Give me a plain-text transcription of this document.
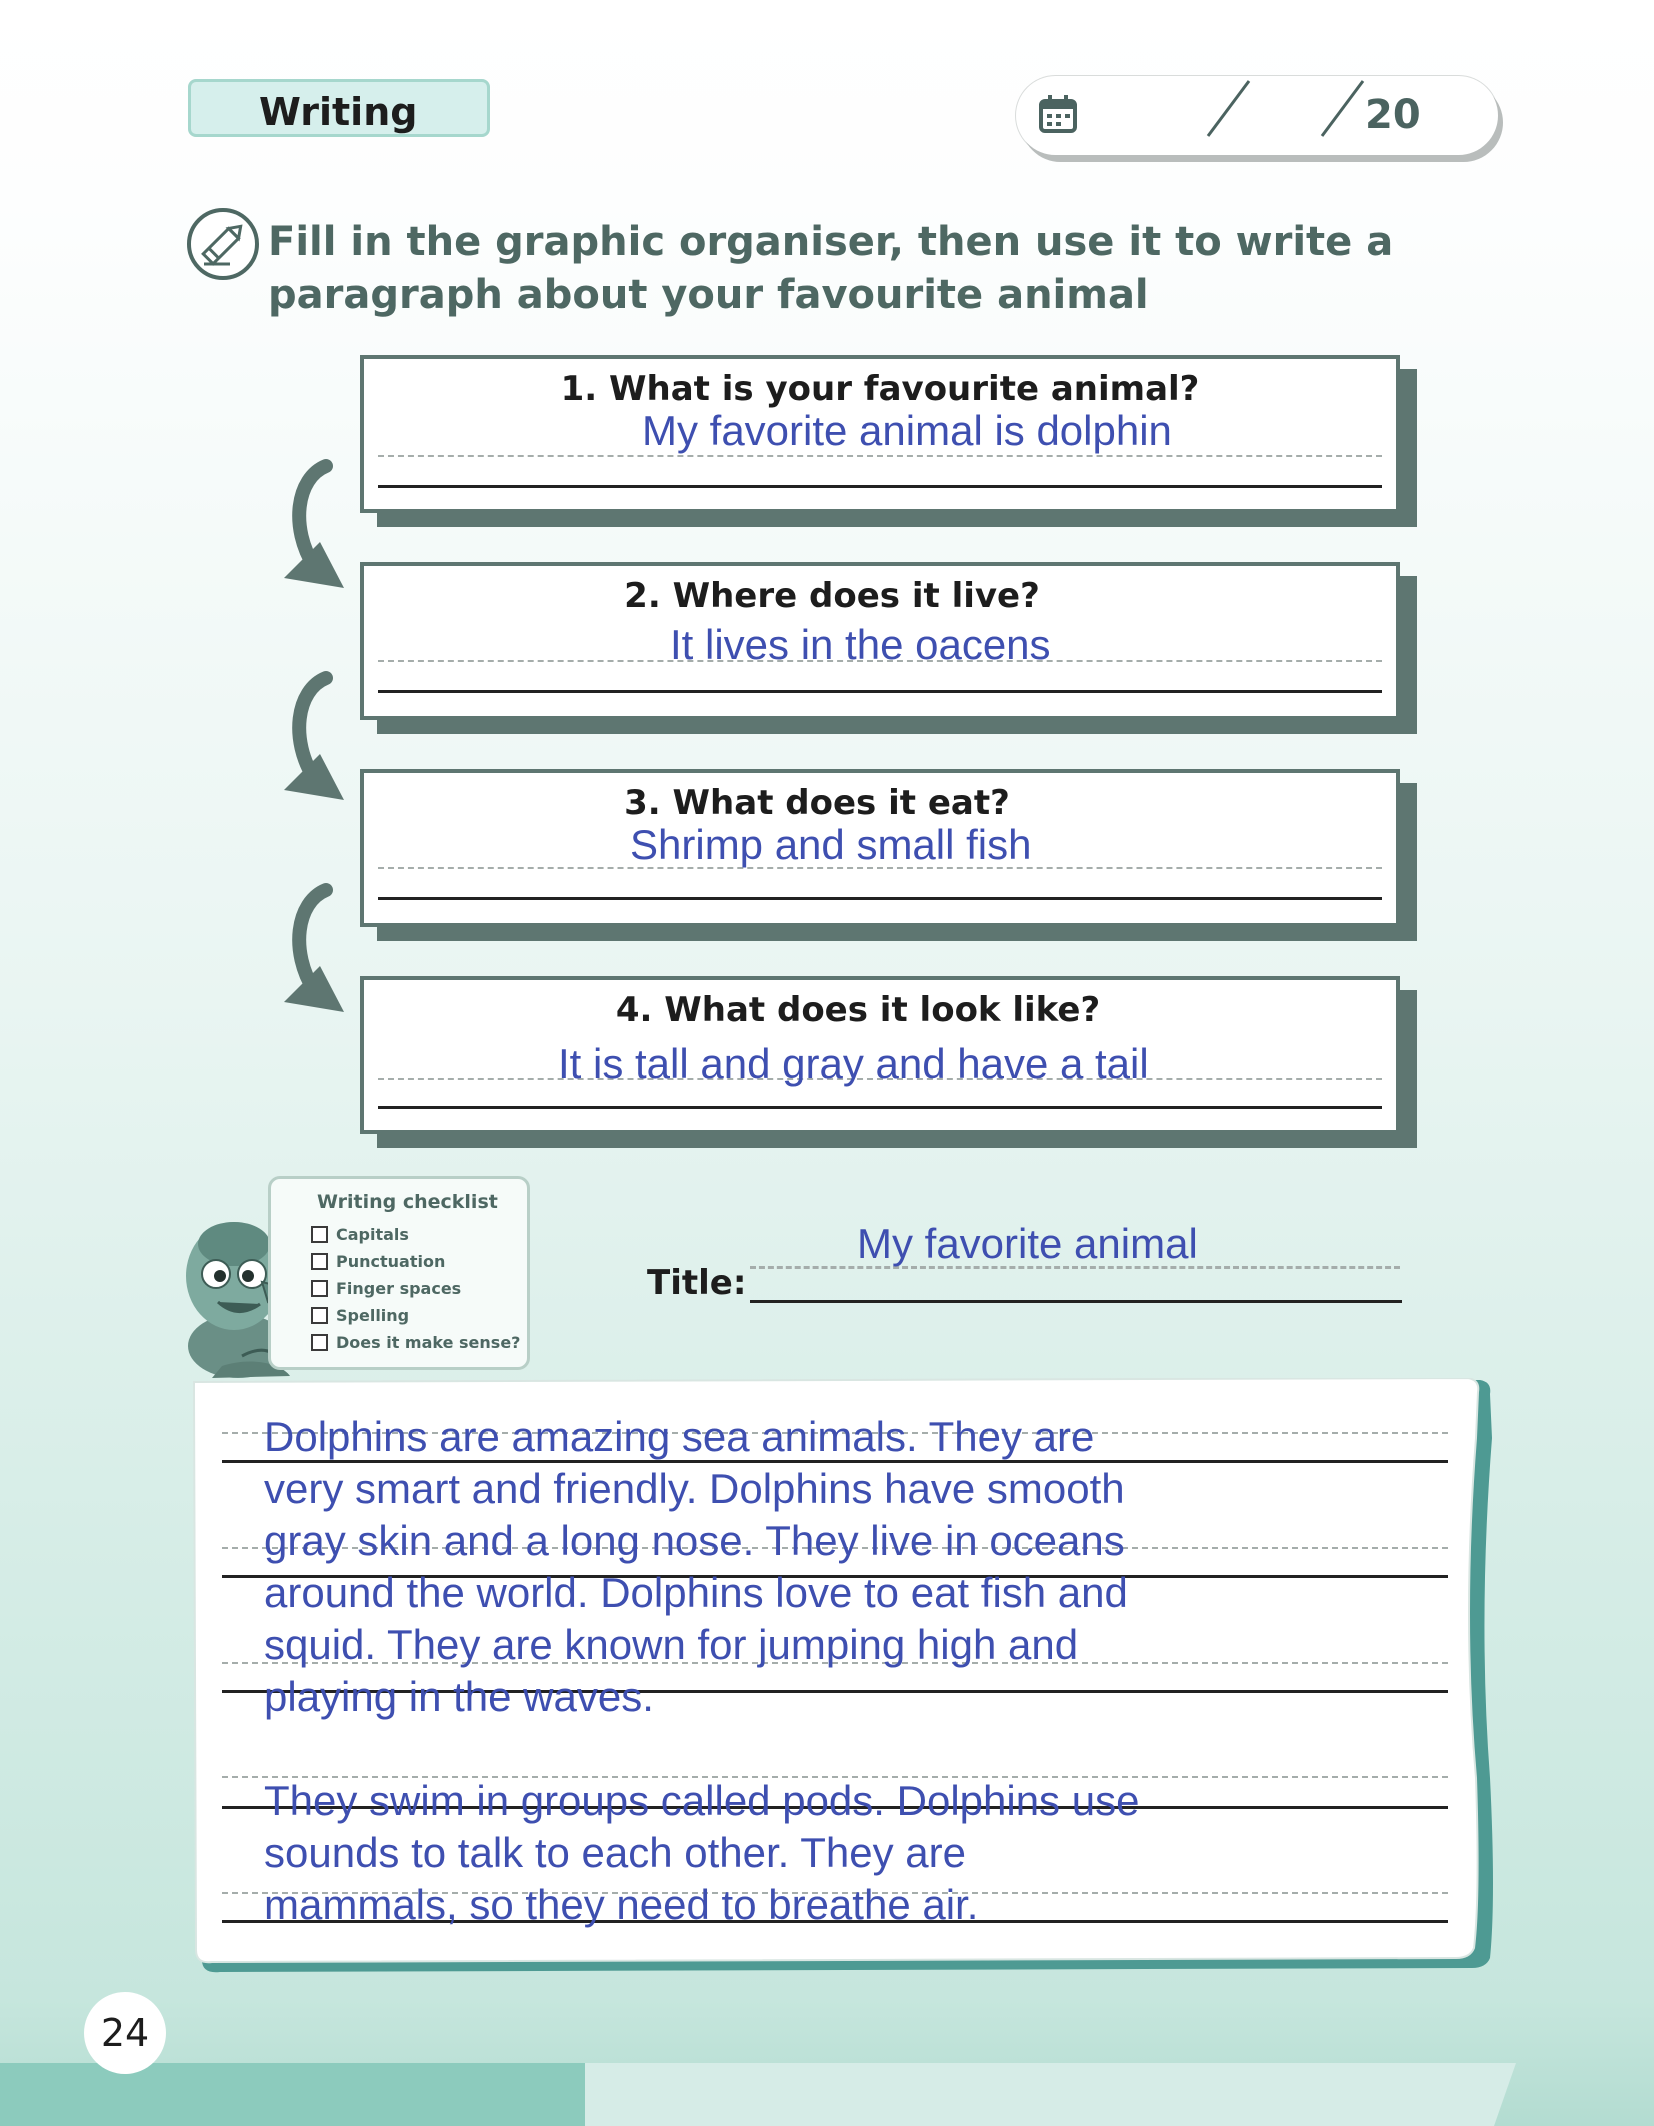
Writing	20
Fill in the graphic organiser, then use it to write a paragraph about your favourite animal
1. What is your favourite animal?
My favorite animal is dolphin
2. Where does it live?
It lives in the oacens
3. What does it eat?
Shrimp and small fish
4. What does it look like?
It is tall and gray and have a tail
Writing checklist
Capitals
Punctuation
Finger spaces
Spelling
Does it make sense?
Title:
My favorite animal
Dolphins are amazing sea animals. They are
very smart and friendly. Dolphins have smooth
gray skin and a long nose. They live in oceans
around the world. Dolphins love to eat fish and
squid. They are known for jumping high and
playing in the waves.
They swim in groups called pods. Dolphins use
sounds to talk to each other. They are
mammals, so they need to breathe air.
24
